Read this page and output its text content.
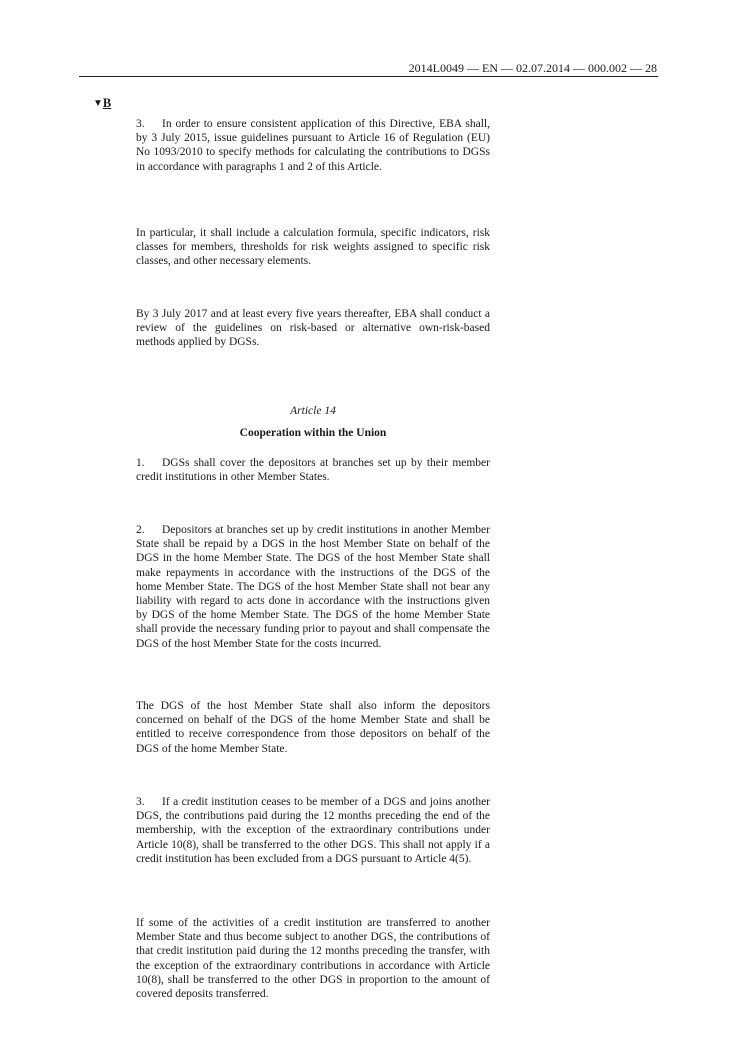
2014L0049 — EN — 02.07.2014 — 000.002 — 28
▼B

3. In order to ensure consistent application of this Directive, EBA shall, by 3 July 2015, issue guidelines pursuant to Article 16 of Regulation (EU) No 1093/2010 to specify methods for calculating the contributions to DGSs in accordance with paragraphs 1 and 2 of this Article.

In particular, it shall include a calculation formula, specific indicators, risk classes for members, thresholds for risk weights assigned to specific risk classes, and other necessary elements.

By 3 July 2017 and at least every five years thereafter, EBA shall conduct a review of the guidelines on risk-based or alternative own-risk-based methods applied by DGSs.

Article 14
Cooperation within the Union

1. DGSs shall cover the depositors at branches set up by their member credit institutions in other Member States.

2. Depositors at branches set up by credit institutions in another Member State shall be repaid by a DGS in the host Member State on behalf of the DGS in the home Member State. The DGS of the host Member State shall make repayments in accordance with the instructions of the DGS of the home Member State. The DGS of the host Member State shall not bear any liability with regard to acts done in accordance with the instructions given by DGS of the home Member State. The DGS of the home Member State shall provide the necessary funding prior to payout and shall compensate the DGS of the host Member State for the costs incurred.

The DGS of the host Member State shall also inform the depositors concerned on behalf of the DGS of the home Member State and shall be entitled to receive correspondence from those depositors on behalf of the DGS of the home Member State.

3. If a credit institution ceases to be member of a DGS and joins another DGS, the contributions paid during the 12 months preceding the end of the membership, with the exception of the extraordinary contributions under Article 10(8), shall be transferred to the other DGS. This shall not apply if a credit institution has been excluded from a DGS pursuant to Article 4(5).

If some of the activities of a credit institution are transferred to another Member State and thus become subject to another DGS, the contributions of that credit institution paid during the 12 months preceding the transfer, with the exception of the extraordinary contributions in accordance with Article 10(8), shall be transferred to the other DGS in proportion to the amount of covered deposits transferred.
